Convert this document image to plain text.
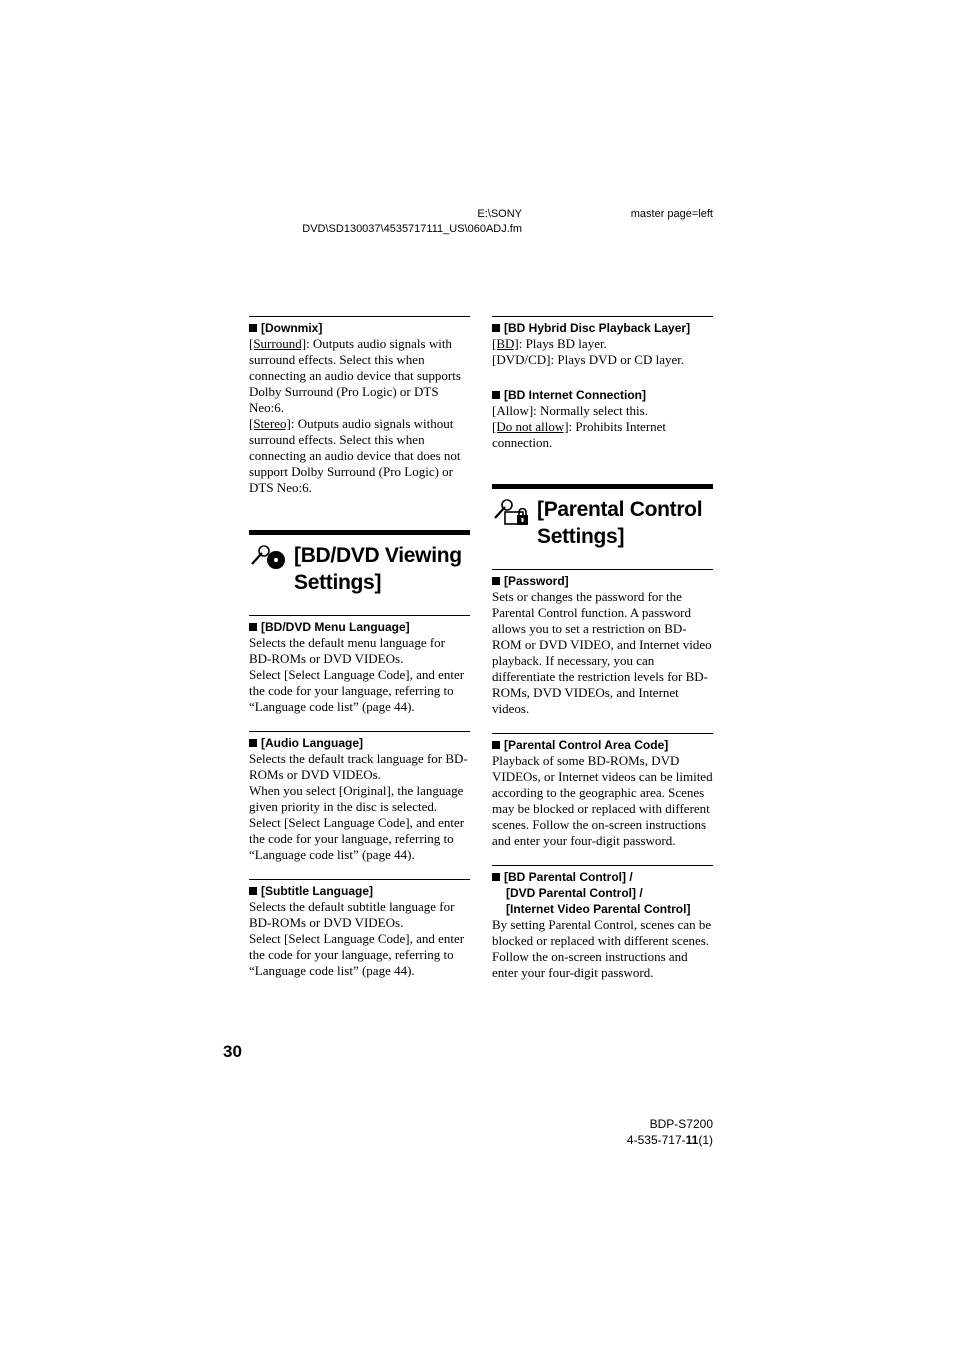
E:\SONY
DVD\SD130037\4535717111_US\060ADJ.fm
master page=left
[Downmix]
[Surround]: Outputs audio signals with surround effects. Select this when connecting an audio device that supports Dolby Surround (Pro Logic) or DTS Neo:6.
[Stereo]: Outputs audio signals without surround effects. Select this when connecting an audio device that does not support Dolby Surround (Pro Logic) or DTS Neo:6.
[BD/DVD Viewing Settings]
[BD/DVD Menu Language]
Selects the default menu language for BD-ROMs or DVD VIDEOs.
Select [Select Language Code], and enter the code for your language, referring to “Language code list” (page 44).
[Audio Language]
Selects the default track language for BD-ROMs or DVD VIDEOs.
When you select [Original], the language given priority in the disc is selected.
Select [Select Language Code], and enter the code for your language, referring to “Language code list” (page 44).
[Subtitle Language]
Selects the default subtitle language for BD-ROMs or DVD VIDEOs.
Select [Select Language Code], and enter the code for your language, referring to “Language code list” (page 44).
[BD Hybrid Disc Playback Layer]
[BD]: Plays BD layer.
[DVD/CD]: Plays DVD or CD layer.
[BD Internet Connection]
[Allow]: Normally select this.
[Do not allow]: Prohibits Internet connection.
[Parental Control Settings]
[Password]
Sets or changes the password for the Parental Control function. A password allows you to set a restriction on BD-ROM or DVD VIDEO, and Internet video playback. If necessary, you can differentiate the restriction levels for BD-ROMs, DVD VIDEOs, and Internet videos.
[Parental Control Area Code]
Playback of some BD-ROMs, DVD VIDEOs, or Internet videos can be limited according to the geographic area. Scenes may be blocked or replaced with different scenes. Follow the on-screen instructions and enter your four-digit password.
[BD Parental Control] /
[DVD Parental Control] /
[Internet Video Parental Control]
By setting Parental Control, scenes can be blocked or replaced with different scenes. Follow the on-screen instructions and enter your four-digit password.
30
BDP-S7200
4-535-717-11(1)
